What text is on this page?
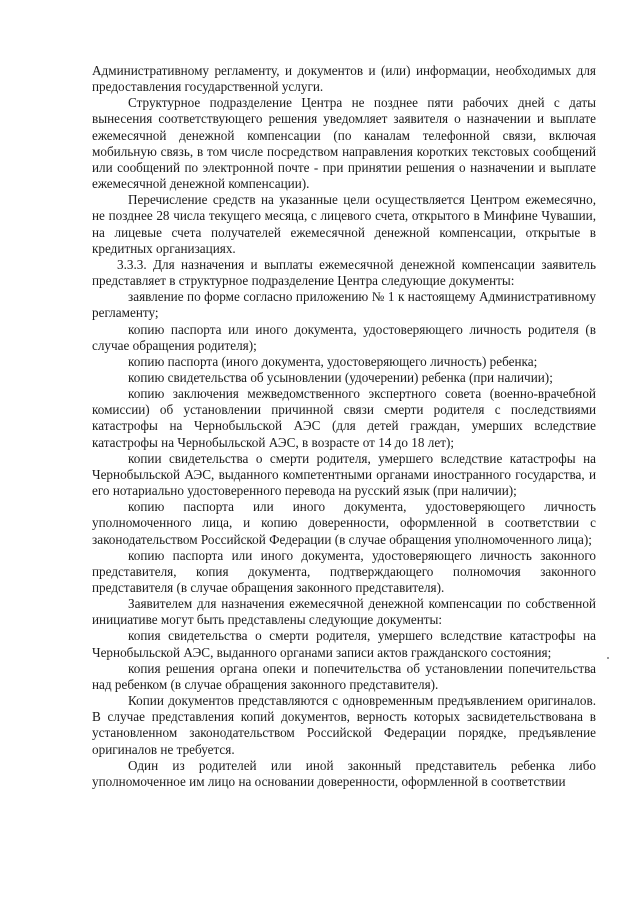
Административному регламенту, и документов и (или) информации, необходимых для предоставления государственной услуги.

Структурное подразделение Центра не позднее пяти рабочих дней с даты вынесения соответствующего решения уведомляет заявителя о назначении и выплате ежемесячной денежной компенсации (по каналам телефонной связи, включая мобильную связь, в том числе посредством направления коротких текстовых сообщений или сообщений по электронной почте - при принятии решения о назначении и выплате ежемесячной денежной компенсации).

Перечисление средств на указанные цели осуществляется Центром ежемесячно, не позднее 28 числа текущего месяца, с лицевого счета, открытого в Минфине Чувашии, на лицевые счета получателей ежемесячной денежной компенсации, открытые в кредитных организациях.

3.3.3. Для назначения и выплаты ежемесячной денежной компенсации заявитель представляет в структурное подразделение Центра следующие документы:

заявление по форме согласно приложению № 1 к настоящему Административному регламенту;

копию паспорта или иного документа, удостоверяющего личность родителя (в случае обращения родителя);

копию паспорта (иного документа, удостоверяющего личность) ребенка;

копию свидетельства об усыновлении (удочерении) ребенка (при наличии);

копию заключения межведомственного экспертного совета (военно-врачебной комиссии) об установлении причинной связи смерти родителя с последствиями катастрофы на Чернобыльской АЭС (для детей граждан, умерших вследствие катастрофы на Чернобыльской АЭС, в возрасте от 14 до 18 лет);

копии свидетельства о смерти родителя, умершего вследствие катастрофы на Чернобыльской АЭС, выданного компетентными органами иностранного государства, и его нотариально удостоверенного перевода на русский язык (при наличии);

копию паспорта или иного документа, удостоверяющего личность уполномоченного лица, и копию доверенности, оформленной в соответствии с законодательством Российской Федерации (в случае обращения уполномоченного лица);

копию паспорта или иного документа, удостоверяющего личность законного представителя, копия документа, подтверждающего полномочия законного представителя (в случае обращения законного представителя).

Заявителем для назначения ежемесячной денежной компенсации по собственной инициативе могут быть представлены следующие документы:

копия свидетельства о смерти родителя, умершего вследствие катастрофы на Чернобыльской АЭС, выданного органами записи актов гражданского состояния;

копия решения органа опеки и попечительства об установлении попечительства над ребенком (в случае обращения законного представителя).

Копии документов представляются с одновременным предъявлением оригиналов. В случае представления копий документов, верность которых засвидетельствована в установленном законодательством Российской Федерации порядке, предъявление оригиналов не требуется.

Один из родителей или иной законный представитель ребенка либо уполномоченное им лицо на основании доверенности, оформленной в соответствии
